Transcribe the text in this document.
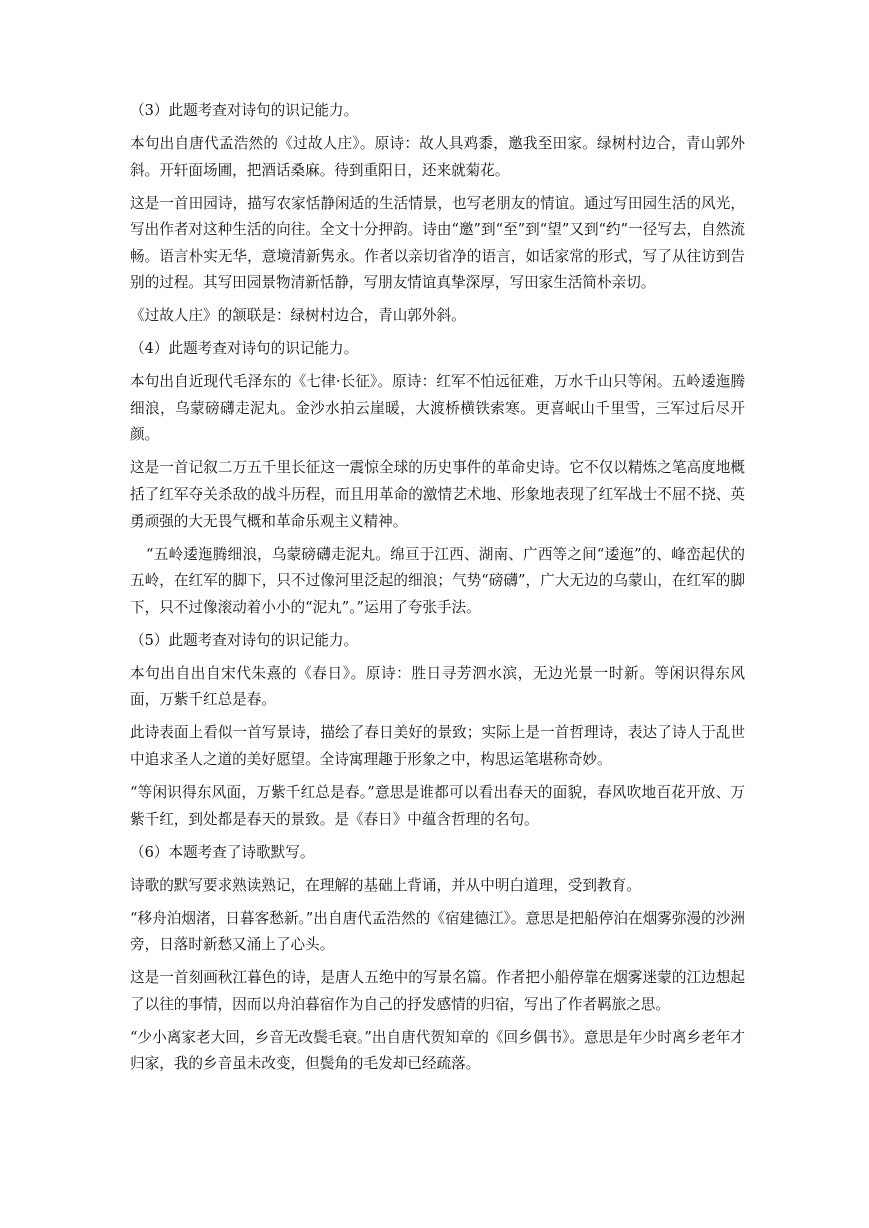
（3）此题考查对诗句的识记能力。

本句出自唐代孟浩然的《过故人庄》。原诗：故人具鸡黍，邀我至田家。绿树村边合，青山郭外斜。开轩面场圃，把酒话桑麻。待到重阳日，还来就菊花。

这是一首田园诗，描写农家恬静闲适的生活情景，也写老朋友的情谊。通过写田园生活的风光，写出作者对这种生活的向往。全文十分押韵。诗由“邀”到“至”到“望”又到“约”一径写去，自然流畅。语言朴实无华，意境清新隽永。作者以亲切省净的语言，如话家常的形式，写了从往访到告别的过程。其写田园景物清新恬静，写朋友情谊真挚深厚，写田家生活简朴亲切。

《过故人庄》的颔联是：绿树村边合，青山郭外斜。

（4）此题考查对诗句的识记能力。

本句出自近现代毛泽东的《七律·长征》。原诗：红军不怕远征难，万水千山只等闲。五岭逶迤腾细浪，乌蒙磅礴走泥丸。金沙水拍云崖暖，大渡桥横铁索寒。更喜岷山千里雪，三军过后尽开颜。

这是一首记叙二万五千里长征这一震惊全球的历史事件的革命史诗。它不仅以精炼之笔高度地概括了红军夺关杀敌的战斗历程，而且用革命的激情艺术地、形象地表现了红军战士不屈不挠、英勇顽强的大无畏气概和革命乐观主义精神。

“五岭逶迤腾细浪，乌蒙磅礴走泥丸。绵亘于江西、湖南、广西等之间“逶迤”的、峰峦起伏的五岭，在红军的脚下，只不过像河里泛起的细浪；气势“磅礴”，广大无边的乌蒙山，在红军的脚下，只不过像滚动着小小的“泥丸”。”运用了夸张手法。

（5）此题考查对诗句的识记能力。

本句出自出自宋代朱熹的《春日》。原诗：胜日寻芳泗水滨，无边光景一时新。等闲识得东风面，万紫千红总是春。

此诗表面上看似一首写景诗，描绘了春日美好的景致；实际上是一首哲理诗，表达了诗人于乱世中追求圣人之道的美好愿望。全诗寓理趣于形象之中，构思运笔堪称奇妙。

“等闲识得东风面，万紫千红总是春。”意思是谁都可以看出春天的面貌，春风吹地百花开放、万紫千红，到处都是春天的景致。是《春日》中蕴含哲理的名句。

（6）本题考查了诗歌默写。

诗歌的默写要求熟读熟记，在理解的基础上背诵，并从中明白道理，受到教育。

“移舟泊烟渚，日暮客愁新。”出自唐代孟浩然的《宿建德江》。意思是把船停泊在烟雾弥漫的沙洲旁，日落时新愁又涌上了心头。

这是一首刻画秋江暮色的诗，是唐人五绝中的写景名篇。作者把小船停靠在烟雾迷蒙的江边想起了以往的事情，因而以舟泊暮宿作为自己的抒发感情的归宿，写出了作者羁旅之思。

“少小离家老大回，乡音无改鬓毛衰。”出自唐代贺知章的《回乡偶书》。意思是年少时离乡老年才归家，我的乡音虽未改变，但鬓角的毛发却已经疏落。
